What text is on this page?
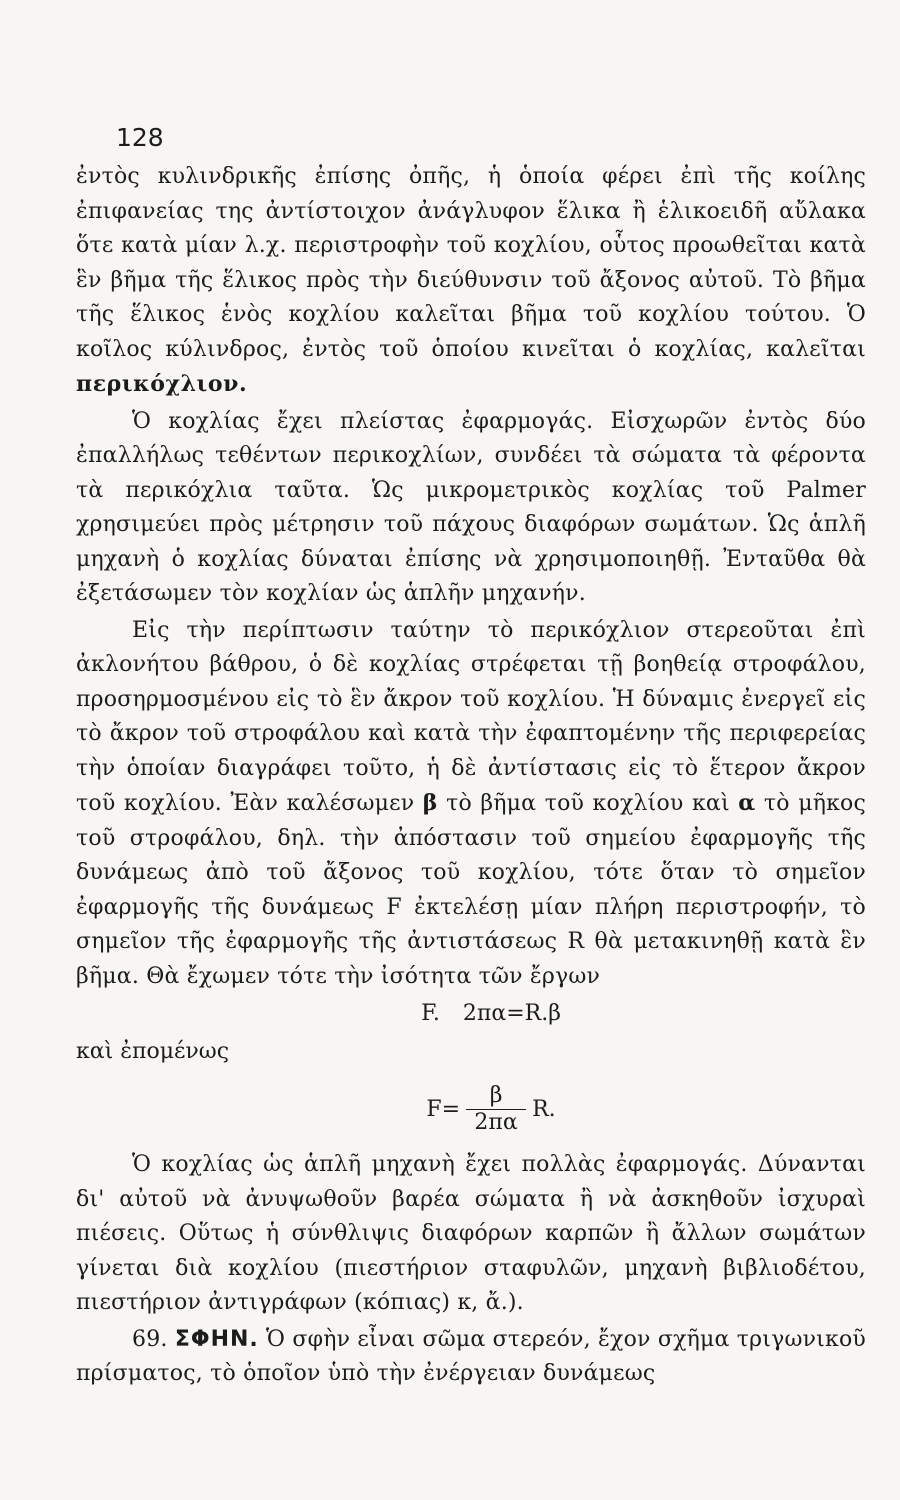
128

ἐντὸς κυλινδρικῆς ἐπίσης ὀπῆς, ἡ ὁποία φέρει ἐπὶ τῆς κοίλης ἐπιφανείας της ἀντίστοιχον ἀνάγλυφον ἕλικα ἢ ἑλικοειδῆ αὔλακα ὅτε κατὰ μίαν λ.χ. περιστροφὴν τοῦ κοχλίου, οὗτος προωθεῖται κατὰ ἓν βῆμα τῆς ἕλικος πρὸς τὴν διεύθυνσιν τοῦ ἄξονος αὐτοῦ. Τὸ βῆμα τῆς ἕλικος ἑνὸς κοχλίου καλεῖται βῆμα τοῦ κοχλίου τούτου. Ὁ κοῖλος κύλινδρος, ἐντὸς τοῦ ὁποίου κινεῖται ὁ κοχλίας, καλεῖται περικόχλιον.

Ὁ κοχλίας ἔχει πλείστας ἐφαρμογάς. Εἰσχωρῶν ἐντὸς δύο ἐπαλλήλως τεθέντων περικοχλίων, συνδέει τὰ σώματα τὰ φέροντα τὰ περικόχλια ταῦτα. Ὡς μικρομετρικὸς κοχλίας τοῦ Palmer χρησιμεύει πρὸς μέτρησιν τοῦ πάχους διαφόρων σωμάτων. Ὡς ἁπλῆ μηχανὴ ὁ κοχλίας δύναται ἐπίσης νὰ χρησιμοποιηθῇ. Ἐνταῦθα θὰ ἐξετάσωμεν τὸν κοχλίαν ὡς ἁπλῆν μηχανήν.

Εἰς τὴν περίπτωσιν ταύτην τὸ περικόχλιον στερεοῦται ἐπὶ ἀκλονήτου βάθρου, ὁ δὲ κοχλίας στρέφεται τῇ βοηθείᾳ στροφάλου, προσηρμοσμένου εἰς τὸ ἓν ἄκρον τοῦ κοχλίου. Ἡ δύναμις ἐνεργεῖ εἰς τὸ ἄκρον τοῦ στροφάλου καὶ κατὰ τὴν ἐφαπτομένην τῆς περιφερείας τὴν ὁποίαν διαγράφει τοῦτο, ἡ δὲ ἀντίστασις εἰς τὸ ἕτερον ἄκρον τοῦ κοχλίου. Ἐὰν καλέσωμεν β τὸ βῆμα τοῦ κοχλίου καὶ α τὸ μῆκος τοῦ στροφάλου, δηλ. τὴν ἀπόστασιν τοῦ σημείου ἐφαρμογῆς τῆς δυνάμεως ἀπὸ τοῦ ἄξονος τοῦ κοχλίου, τότε ὅταν τὸ σημεῖον ἐφαρμογῆς τῆς δυνάμεως F ἐκτελέσῃ μίαν πλήρη περιστροφήν, τὸ σημεῖον τῆς ἐφαρμογῆς τῆς ἀντιστάσεως R θὰ μετακινηθῇ κατὰ ἓν βῆμα. Θὰ ἔχωμεν τότε τὴν ἰσότητα τῶν ἔργων

F. 2πα=R.β

καὶ ἐπομένως

$F= \frac{\beta}{2\pi\alpha} R$.

Ὁ κοχλίας ὡς ἁπλῆ μηχανὴ ἔχει πολλὰς ἐφαρμογάς. Δύνανται δι' αὐτοῦ νὰ ἀνυψωθοῦν βαρέα σώματα ἢ νὰ ἀσκηθοῦν ἰσχυραὶ πιέσεις. Οὕτως ἡ σύνθλιψις διαφόρων καρπῶν ἢ ἄλλων σωμάτων γίνεται διὰ κοχλίου (πιεστήριον σταφυλῶν, μηχανὴ βιβλιοδέτου, πιεστήριον ἀντιγράφων (κόπιας) κ, ἄ.).

69. ΣΦΗΝ. Ὁ σφὴν εἶναι σῶμα στερεόν, ἔχον σχῆμα τριγωνικοῦ πρίσματος, τὸ ὁποῖον ὑπὸ τὴν ἐνέργειαν δυνάμεως
